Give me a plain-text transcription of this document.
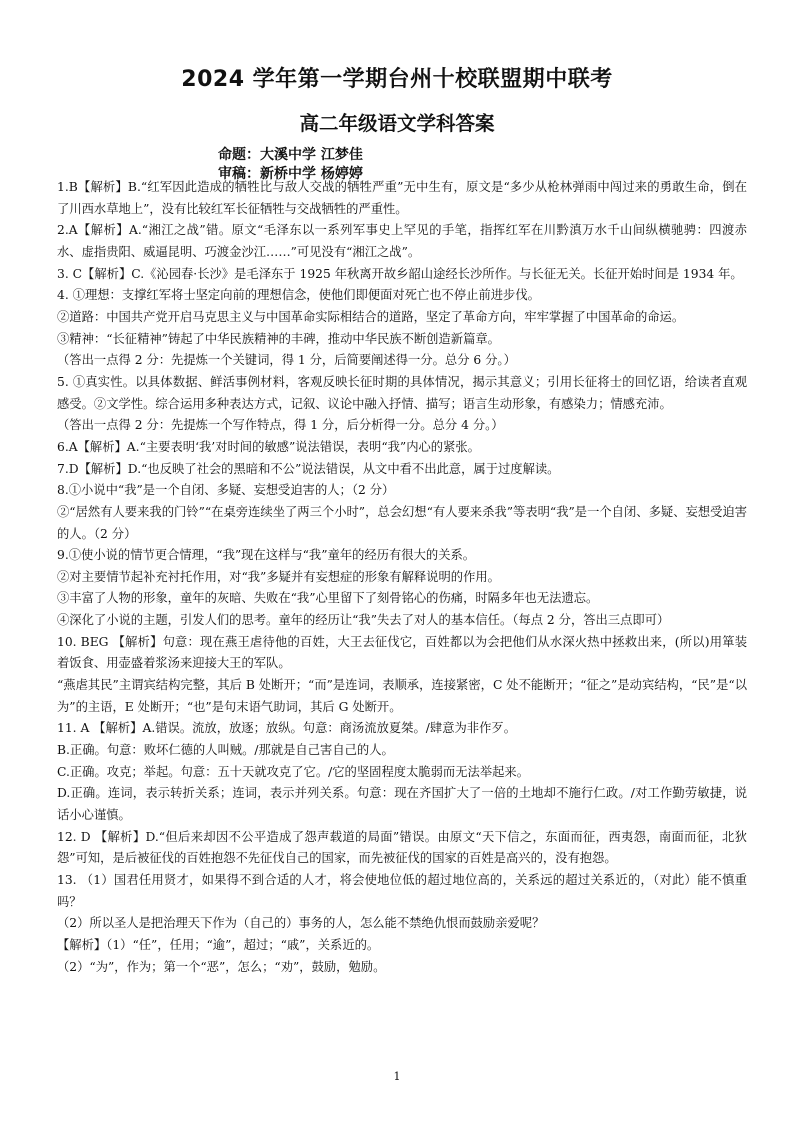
2024 学年第一学期台州十校联盟期中联考
高二年级语文学科答案
命题：大溪中学 江梦佳
审稿：新桥中学 杨婷婷

1.B【解析】B.“红军因此造成的牺牲比与敌人交战的牺牲严重”无中生有，原文是“多少从枪林弹雨中闯过来的勇敢生命，倒在了川西水草地上”，没有比较红军长征牺牲与交战牺牲的严重性。

2.A【解析】A.“湘江之战”错。原文“毛泽东以一系列军事史上罕见的手笔，指挥红军在川黔滇万水千山间纵横驰骋：四渡赤水、虚指贵阳、威逼昆明、巧渡金沙江……”可见没有“湘江之战”。

3. C【解析】C.《沁园春·长沙》是毛泽东于 1925 年秋离开故乡韶山途经长沙所作。与长征无关。长征开始时间是 1934 年。

4. ①理想：支撑红军将士坚定向前的理想信念，使他们即便面对死亡也不停止前进步伐。

②道路：中国共产党开启马克思主义与中国革命实际相结合的道路，坚定了革命方向，牢牢掌握了中国革命的命运。

③精神：“长征精神”铸起了中华民族精神的丰碑，推动中华民族不断创造新篇章。

（答出一点得 2 分：先提炼一个关键词，得 1 分，后简要阐述得一分。总分 6 分。）

5. ①真实性。以具体数据、鲜活事例材料，客观反映长征时期的具体情况，揭示其意义；引用长征将士的回忆语，给读者直观感受。②文学性。综合运用多种表达方式，记叙、议论中融入抒情、描写；语言生动形象，有感染力；情感充沛。

（答出一点得 2 分：先提炼一个写作特点，得 1 分，后分析得一分。总分 4 分。）

6.A【解析】A.“主要表明‘我’对时间的敏感”说法错误，表明“我”内心的紧张。

7.D【解析】D.“也反映了社会的黑暗和不公”说法错误，从文中看不出此意，属于过度解读。

8.①小说中“我”是一个自闭、多疑、妄想受迫害的人；（2 分）

②“居然有人要来我的门铃”“在桌旁连续坐了两三个小时”，总会幻想“有人要来杀我”等表明“我”是一个自闭、多疑、妄想受迫害的人。（2 分）

9.①使小说的情节更合情理，“我”现在这样与“我”童年的经历有很大的关系。

②对主要情节起补充衬托作用，对“我”多疑并有妄想症的形象有解释说明的作用。

③丰富了人物的形象，童年的灰暗、失败在“我”心里留下了刻骨铭心的伤痛，时隔多年也无法遗忘。

④深化了小说的主题，引发人们的思考。童年的经历让“我”失去了对人的基本信任。（每点 2 分，答出三点即可）

10. BEG 【解析】句意：现在燕王虐待他的百姓，大王去征伐它，百姓都以为会把他们从水深火热中拯救出来，(所以)用箪装着饭食、用壶盛着浆汤来迎接大王的军队。

“燕虐其民”主谓宾结构完整，其后 B 处断开；“而”是连词，表顺承，连接紧密，C 处不能断开；“征之”是动宾结构，“民”是“以为”的主语，E 处断开；“也”是句末语气助词，其后 G 处断开。

11. A 【解析】A.错误。流放，放逐；放纵。句意：商汤流放夏桀。/肆意为非作歹。

B.正确。句意：败坏仁德的人叫贼。/那就是自己害自己的人。

C.正确。攻克；举起。句意：五十天就攻克了它。/它的坚固程度太脆弱而无法举起来。

D.正确。连词，表示转折关系；连词，表示并列关系。句意：现在齐国扩大了一倍的土地却不施行仁政。/对工作勤劳敏捷，说话小心谨慎。

12. D 【解析】D.“但后来却因不公平造成了怨声载道的局面”错误。由原文“天下信之，东面而征，西夷怨，南面而征，北狄怨”可知，是后被征伐的百姓抱怨不先征伐自己的国家，而先被征伐的国家的百姓是高兴的，没有抱怨。

13. （1）国君任用贤才，如果得不到合适的人才，将会使地位低的超过地位高的，关系远的超过关系近的，（对此）能不慎重吗？

（2）所以圣人是把治理天下作为（自己的）事务的人，怎么能不禁绝仇恨而鼓励亲爱呢？

【解析】（1）“任”，任用；“逾”，超过；“戚”，关系近的。

（2）“为”，作为；第一个“恶”，怎么；“劝”，鼓励，勉励。

1
